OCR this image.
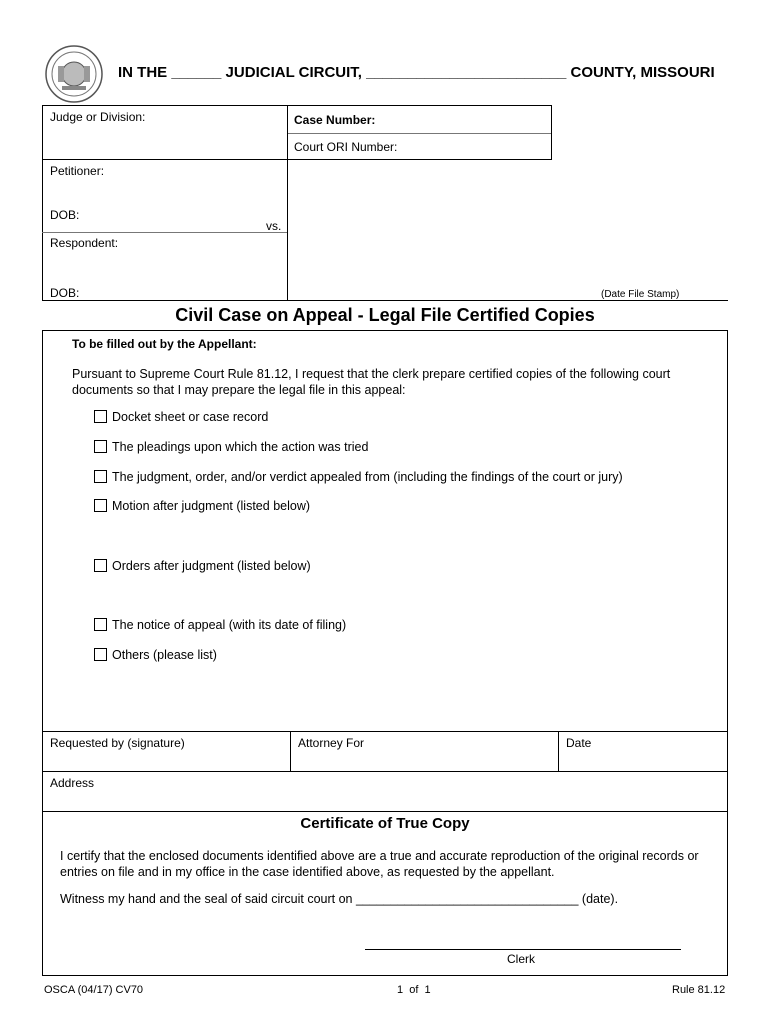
IN THE ______ JUDICIAL CIRCUIT, ________________________ COUNTY, MISSOURI
Judge or Division:	Case Number:
Court ORI Number:
Petitioner:
DOB:
vs.
Respondent:
DOB:	(Date File Stamp)
Civil Case on Appeal - Legal File Certified Copies
To be filled out by the Appellant:
Pursuant to Supreme Court Rule 81.12, I request that the clerk prepare certified copies of the following court documents so that I may prepare the legal file in this appeal:
Docket sheet or case record
The pleadings upon which the action was tried
The judgment, order, and/or verdict appealed from (including the findings of the court or jury)
Motion after judgment (listed below)
Orders after judgment (listed below)
The notice of appeal (with its date of filing)
Others (please list)
Requested by (signature)	Attorney For	Date
Address
Certificate of True Copy
I certify that the enclosed documents identified above are a true and accurate reproduction of the original records or entries on file and in my office in the case identified above, as requested by the appellant.
Witness my hand and the seal of said circuit court on ________________________________ (date).
Clerk
OSCA (04/17) CV70	1  of  1	Rule 81.12
